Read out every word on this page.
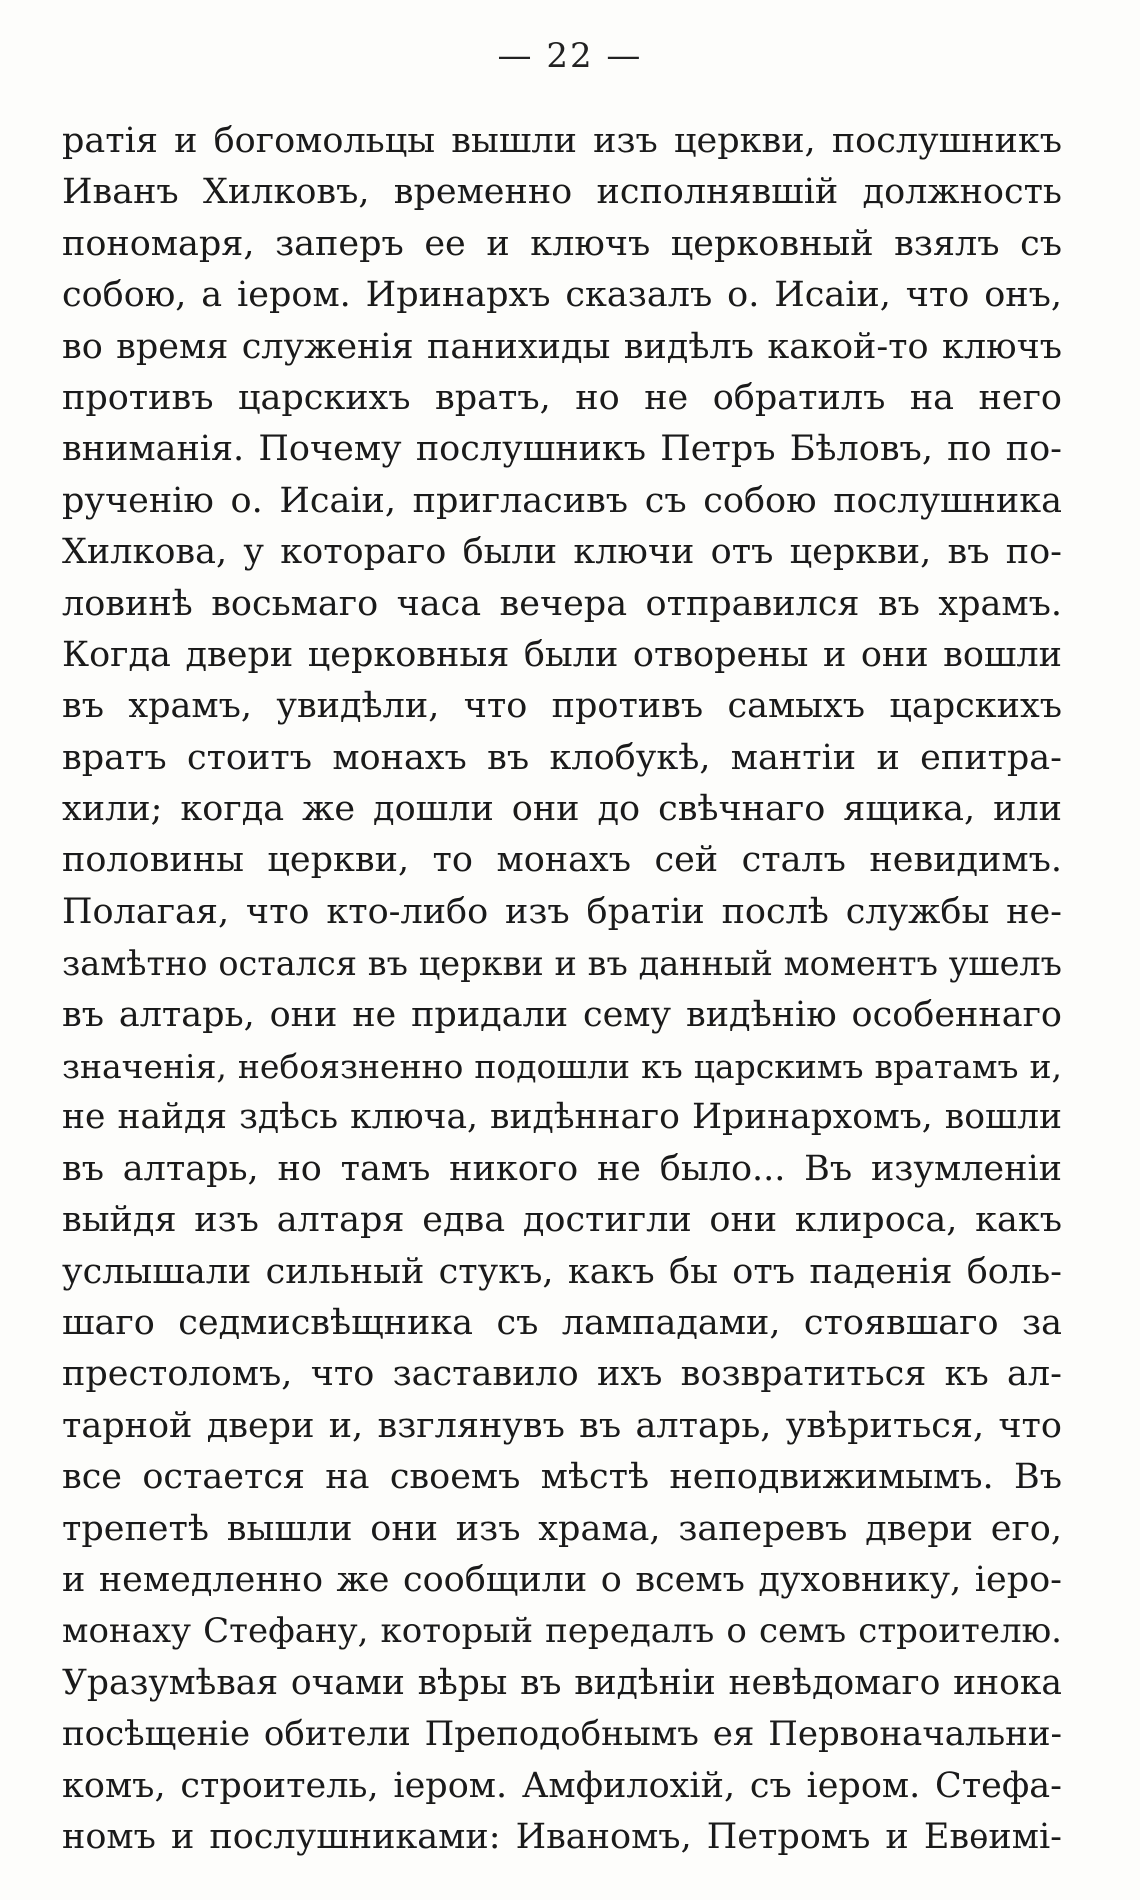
— 22 —
ратія и богомольцы вышли изъ церкви, послушникъ
Иванъ Хилковъ, временно исполнявшій должность
пономаря, заперъ ее и ключъ церковный взялъ съ
собою, а іером. Иринархъ сказалъ о. Исаіи, что онъ,
во время служенія панихиды видѣлъ какой-то ключъ
противъ царскихъ вратъ, но не обратилъ на него
вниманія. Почему послушникъ Петръ Бѣловъ, по по-
рученію о. Исаіи, пригласивъ съ собою послушника
Хилкова, у котораго были ключи отъ церкви, въ по-
ловинѣ восьмаго часа вечера отправился въ храмъ.
Когда двери церковныя были отворены и они вошли
въ храмъ, увидѣли, что противъ самыхъ царскихъ
вратъ стоитъ монахъ въ клобукѣ, мантіи и епитра-
хили; когда же дошли они до свѣчнаго ящика, или
половины церкви, то монахъ сей сталъ невидимъ.
Полагая, что кто-либо изъ братіи послѣ службы не-
замѣтно остался въ церкви и въ данный моментъ ушелъ
въ алтарь, они не придали сему видѣнію особеннаго
значенія, небоязненно подошли къ царскимъ вратамъ и,
не найдя здѣсь ключа, видѣннаго Иринархомъ, вошли
въ алтарь, но тамъ никого не было... Въ изумленіи
выйдя изъ алтаря едва достигли они клироса, какъ
услышали сильный стукъ, какъ бы отъ паденія боль-
шаго седмисвѣщника съ лампадами, стоявшаго за
престоломъ, что заставило ихъ возвратиться къ ал-
тарной двери и, взглянувъ въ алтарь, увѣриться, что
все остается на своемъ мѣстѣ неподвижимымъ. Въ
трепетѣ вышли они изъ храма, заперевъ двери его,
и немедленно же сообщили о всемъ духовнику, іеро-
монаху Стефану, который передалъ о семъ строителю.
Уразумѣвая очами вѣры въ видѣніи невѣдомаго инока
посѣщеніе обители Преподобнымъ ея Первоначальни-
комъ, строитель, іером. Амфилохій, съ іером. Стефа-
номъ и послушниками: Иваномъ, Петромъ и Евѳимі-
